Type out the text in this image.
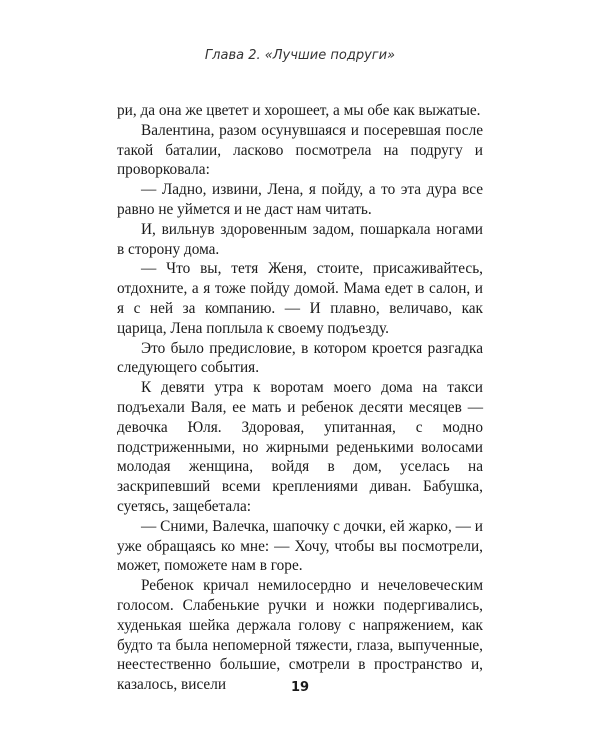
Глава 2. «Лучшие подруги»

ри, да она же цветет и хорошеет, а мы обе как выжатые.

Валентина, разом осунувшаяся и посеревшая после такой баталии, ласково посмотрела на подругу и проворковала:

— Ладно, извини, Лена, я пойду, а то эта дура все равно не уймется и не даст нам читать.

И, вильнув здоровенным задом, пошаркала ногами в сторону дома.

— Что вы, тетя Женя, стоите, присаживайтесь, отдохните, а я тоже пойду домой. Мама едет в салон, и я с ней за компанию. — И плавно, величаво, как царица, Лена поплыла к своему подъезду.

Это было предисловие, в котором кроется разгадка следующего события.

К девяти утра к воротам моего дома на такси подъехали Валя, ее мать и ребенок десяти месяцев — девочка Юля. Здоровая, упитанная, с модно подстриженными, но жирными реденькими волосами молодая женщина, войдя в дом, уселась на заскрипевший всеми креплениями диван. Бабушка, суетясь, защебетала:

— Сними, Валечка, шапочку с дочки, ей жарко, — и уже обращаясь ко мне: — Хочу, чтобы вы посмотрели, может, поможете нам в горе.

Ребенок кричал немилосердно и нечеловеческим голосом. Слабенькие ручки и ножки подергивались, худенькая шейка держала голову с напряжением, как будто та была непомерной тяжести, глаза, выпученные, неестественно большие, смотрели в пространство и, казалось, висели	19
